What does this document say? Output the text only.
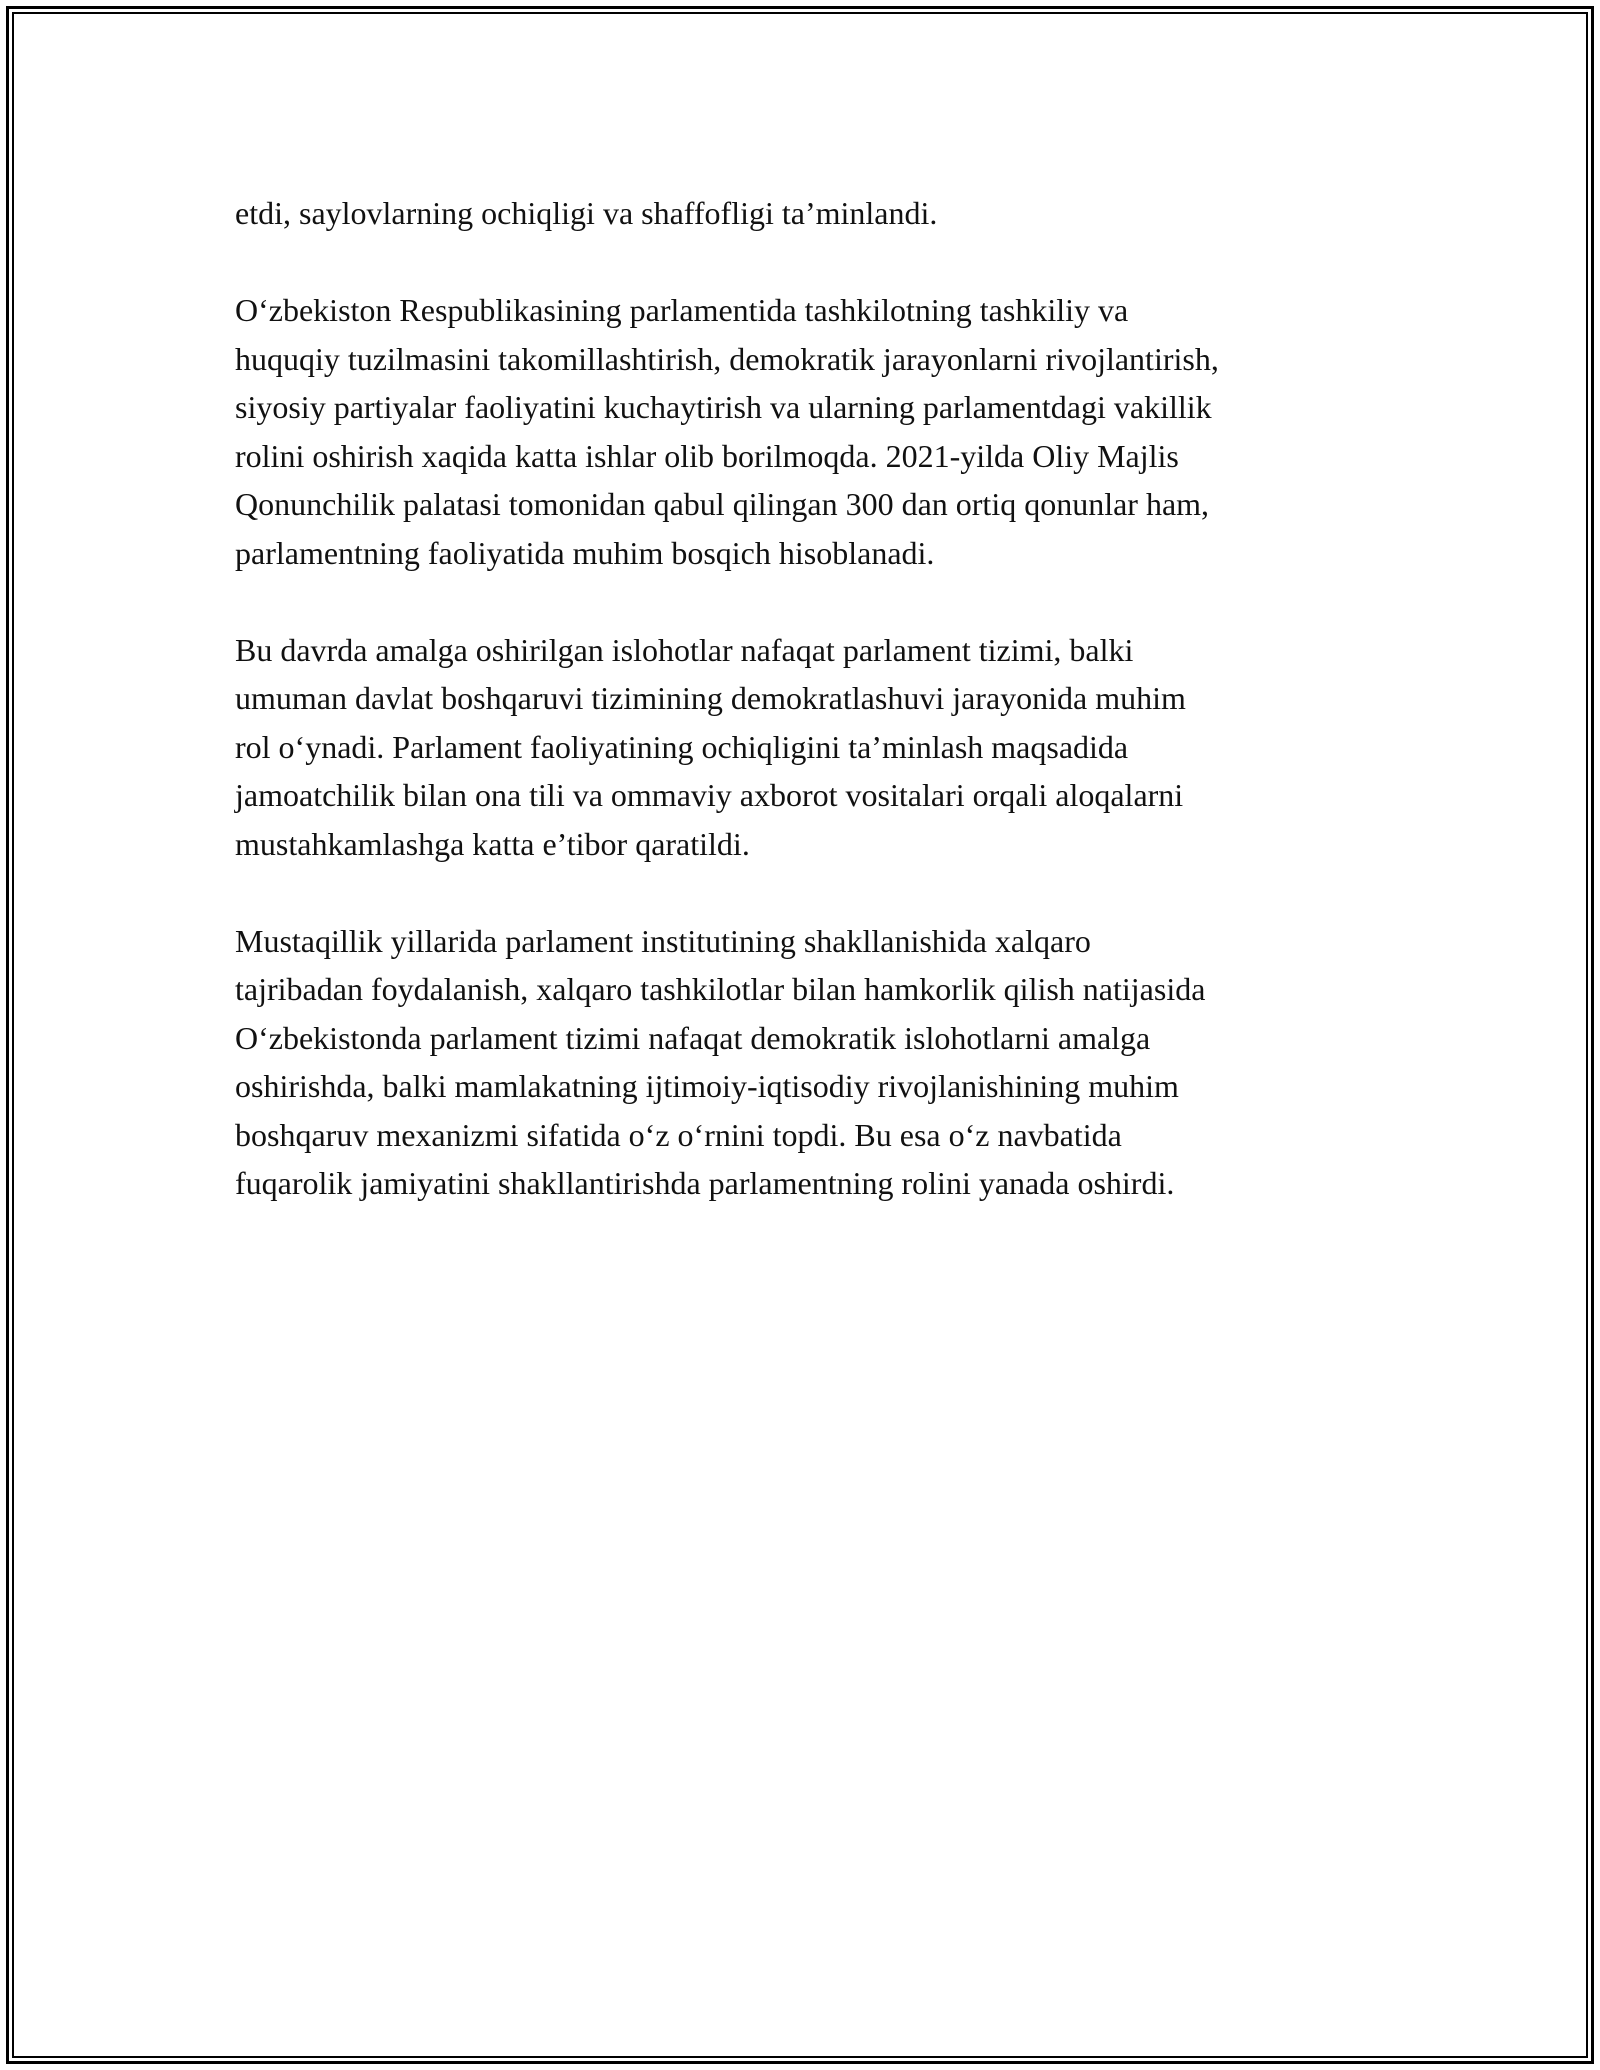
etdi, saylovlarning ochiqligi va shaffofligi ta’minlandi.

O‘zbekiston Respublikasining parlamentida tashkilotning tashkiliy va
huquqiy tuzilmasini takomillashtirish, demokratik jarayonlarni rivojlantirish,
siyosiy partiyalar faoliyatini kuchaytirish va ularning parlamentdagi vakillik
rolini oshirish xaqida katta ishlar olib borilmoqda. 2021-yilda Oliy Majlis
Qonunchilik palatasi tomonidan qabul qilingan 300 dan ortiq qonunlar ham,
parlamentning faoliyatida muhim bosqich hisoblanadi.

Bu davrda amalga oshirilgan islohotlar nafaqat parlament tizimi, balki
umuman davlat boshqaruvi tizimining demokratlashuvi jarayonida muhim
rol o‘ynadi. Parlament faoliyatining ochiqligini ta’minlash maqsadida
jamoatchilik bilan ona tili va ommaviy axborot vositalari orqali aloqalarni
mustahkamlashga katta e’tibor qaratildi.

Mustaqillik yillarida parlament institutining shakllanishida xalqaro
tajribadan foydalanish, xalqaro tashkilotlar bilan hamkorlik qilish natijasida
O‘zbekistonda parlament tizimi nafaqat demokratik islohotlarni amalga
oshirishda, balki mamlakatning ijtimoiy-iqtisodiy rivojlanishining muhim
boshqaruv mexanizmi sifatida o‘z o‘rnini topdi. Bu esa o‘z navbatida
fuqarolik jamiyatini shakllantirishda parlamentning rolini yanada oshirdi.
